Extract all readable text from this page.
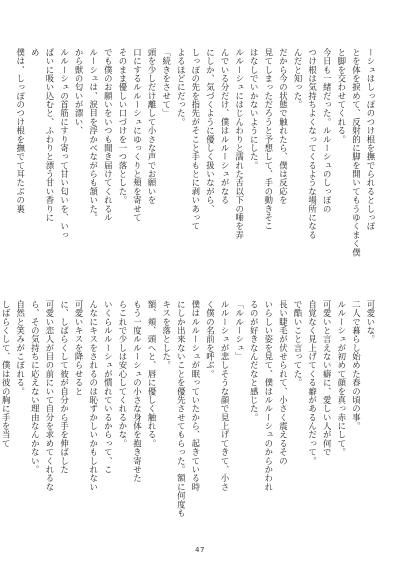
ーシュはしっぽのつけ根を撫でられるとしっぽ
とを体を捩めて、反射的に脚を開いてもうゆくまく僕
と脚を交わせてくれる。
今日も一緒だった。ルルーシュのしっぽの
つけ根は気持ちよくなってくるような場所になる
んだと知った。
だから今の状態で触れたら、僕は反応を
見てしまっただろうと予想して、手の動きそこ
はなしでいかないようにした。
ルルーシュにはじんわりと濡れた舌以下の唾を弄
んでいる分だけ、僕はルルーシュがなる
にしか、気づくように優しく扱いながら、
しっぽの先を指先がそこと手もとに剥いあって
よるほどにだった。
「続きをさせて」
頭を少しだけ離して小さな声でお願いを
口にするルルーシュにゆっくりと頬を寄せて
そのまま優しい口づけを一つ落とした。
でも僕のお願いをいつも聞き届けてくれるル
ルーシュは、涙目を浮かべながらも頷いた。
から獣の匂いが漂い、
ルルーシュの首筋にすり寄って甘い匂いを、いっ
ぱいに吸い込むと、ふわりと漂う甘い香りに
め
僕は、しっぽのつけ根を撫でて耳たぶの裏
可愛いな。
二人で暮らし始めた春の頃の事。
ルルーシュが初めて顔を真っ赤にして。
可愛いと言えない癖に、愛しい人が何で
自覚なく見上げてくる癖があるんだって。
で酷いこと言ってた。
長い睫毛が伏せられて、小さく震えるその
いらしい姿を見て、僕はルルーシュのからかわれ
るのが好きなんだなと感じた。
「ルルーシュ」
ルルーシュが悲しそうな顔で見上げてきて、小さ
く僕の名前を呼ぶ。
僕はルルーシュが眠っていたから、起きている時
にしか出来ないことを優先させてもらった。額に何度も
キスを落とした。
額、頬、頭へと、唇に優しく触れる。
もう一度ルルーシュの小さな身体を抱き寄せた
らこれで少しは安心してくれるかな。
いくらルルーシュが慣れているからって、こ
んなにキスをされるのは恥ずかしいかもしれない
可愛いキスを降らせると
に、しばらくして彼が自分から手を伸ばした
可愛い恋人が目の前にいて自分を求めてくれるな
ら、その気持ちに応えない理由なんかない。
自然と笑みがこぼれる。
しばらくして、僕は彼の胸に手を当て
47
